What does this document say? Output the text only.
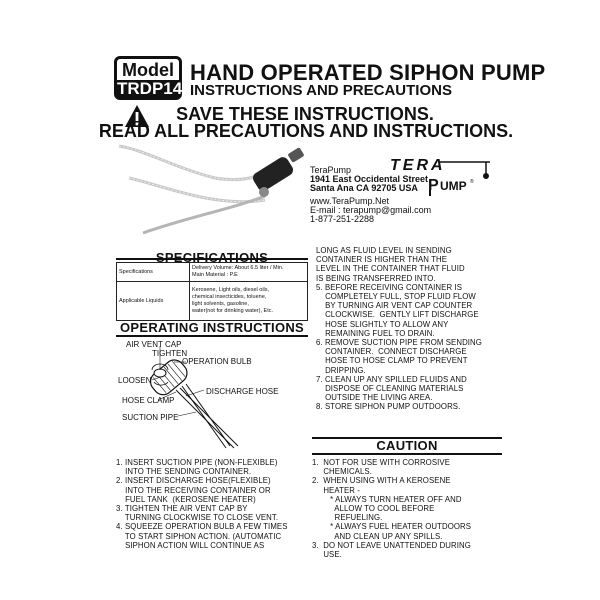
Model
TRDP14
HAND OPERATED SIPHON PUMP
INSTRUCTIONS AND PRECAUTIONS
SAVE THESE INSTRUCTIONS.
READ ALL PRECAUTIONS AND INSTRUCTIONS.
TeraPump
1941 East Occidental Street
Santa Ana CA 92705 USA
www.TeraPump.Net
E-mail : terapump@gmail.com
1-877-251-2288
TERA
P UMP ®
Specifications	Delivery Volume: About 6.5 liter / Min.
Main Material : P.E

Applicable Liquids	Kerosene, Light oils, diesel oils,
chemical insecticides, toluene,
light solvents, gasoline,
water(not for drinking water), Etc.
OPERATING INSTRUCTIONS
AIR VENT CAP
TIGHTEN
OPERATION BULB
LOOSEN
DISCHARGE HOSE
HOSE CLAMP
SUCTION PIPE
1. INSERT SUCTION PIPE (NON-FLEXIBLE)
INTO THE SENDING CONTAINER.
2. INSERT DISCHARGE HOSE(FLEXIBLE)
INTO THE RECEIVING CONTAINER OR
FUEL TANK  (KEROSENE HEATER)
3. TIGHTEN THE AIR VENT CAP BY
TURNING CLOCKWISE TO CLOSE VENT.
4. SQUEEZE OPERATION BULB A FEW TIMES
TO START SIPHON ACTION. (AUTOMATIC
SIPHON ACTION WILL CONTINUE AS
LONG AS FLUID LEVEL IN SENDING
CONTAINER IS HIGHER THAN THE
LEVEL IN THE CONTAINER THAT FLUID
IS BEING TRANSFERRED INTO.
5. BEFORE RECEIVING CONTAINER IS
COMPLETELY FULL, STOP FLUID FLOW
BY TURNING AIR VENT CAP COUNTER
CLOCKWISE.  GENTLY LIFT DISCHARGE
HOSE SLIGHTLY TO ALLOW ANY
REMAINING FUEL TO DRAIN.
6. REMOVE SUCTION PIPE FROM SENDING
CONTAINER.  CONNECT DISCHARGE
HOSE TO HOSE CLAMP TO PREVENT
DRIPPING.
7. CLEAN UP ANY SPILLED FLUIDS AND
DISPOSE OF CLEANING MATERIALS
OUTSIDE THE LIVING AREA.
8. STORE SIPHON PUMP OUTDOORS.
CAUTION
1.  NOT FOR USE WITH CORROSIVE
CHEMICALS.
2.  WHEN USING WITH A KEROSENE
HEATER -
* ALWAYS TURN HEATER OFF AND
ALLOW TO COOL BEFORE
REFUELING.
* ALWAYS FUEL HEATER OUTDOORS
AND CLEAN UP ANY SPILLS.
3.  DO NOT LEAVE UNATTENDED DURING
USE.
